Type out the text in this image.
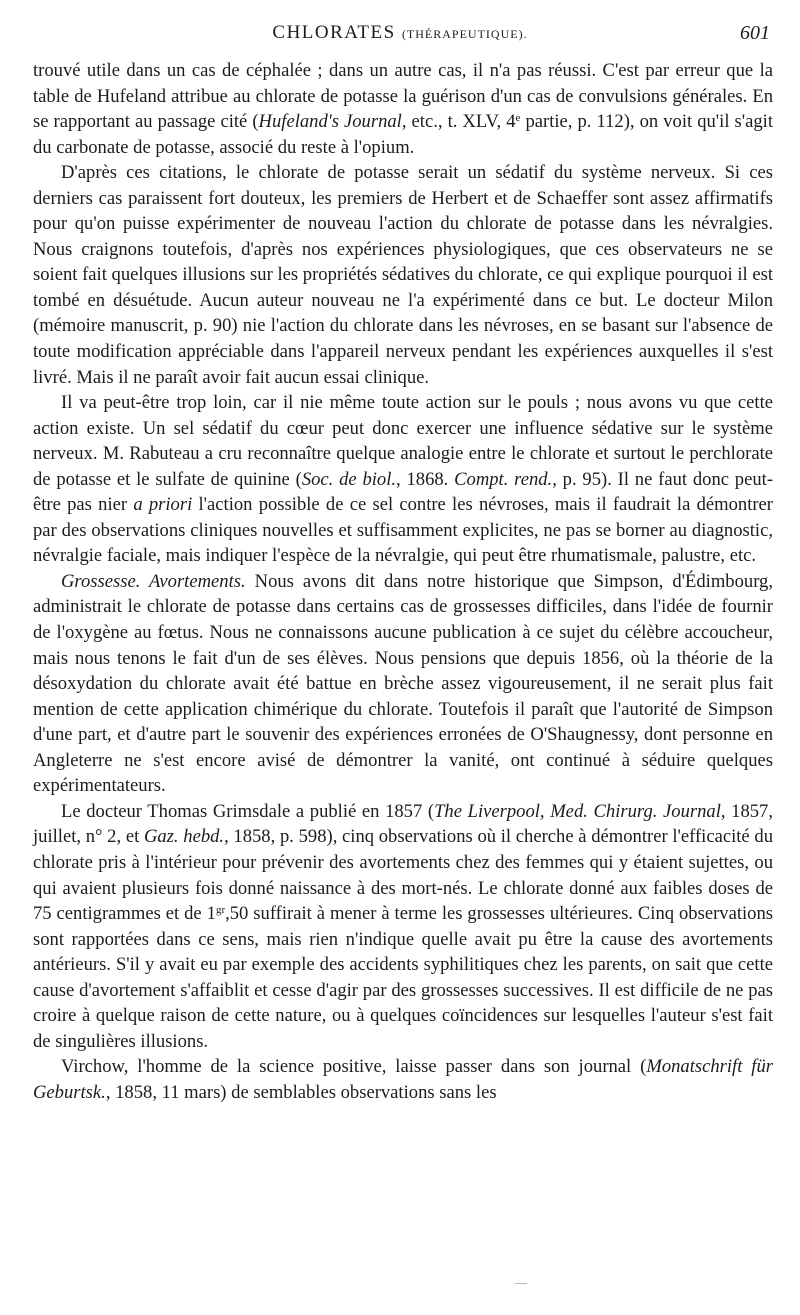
CHLORATES (THÉRAPEUTIQUE).	601

trouvé utile dans un cas de céphalée ; dans un autre cas, il n'a pas réussi. C'est par erreur que la table de Hufeland attribue au chlorate de potasse la guérison d'un cas de convulsions générales. En se rapportant au passage cité (Hufeland's Journal, etc., t. XLV, 4e partie, p. 112), on voit qu'il s'agit du carbonate de potasse, associé du reste à l'opium.

D'après ces citations, le chlorate de potasse serait un sédatif du système nerveux. Si ces derniers cas paraissent fort douteux, les premiers de Herbert et de Schaeffer sont assez affirmatifs pour qu'on puisse expérimenter de nouveau l'action du chlorate de potasse dans les névralgies. Nous craignons toutefois, d'après nos expériences physiologiques, que ces observateurs ne se soient fait quelques illusions sur les propriétés sédatives du chlorate, ce qui explique pourquoi il est tombé en désuétude. Aucun auteur nouveau ne l'a expérimenté dans ce but. Le docteur Milon (mémoire manuscrit, p. 90) nie l'action du chlorate dans les névroses, en se basant sur l'absence de toute modification appréciable dans l'appareil nerveux pendant les expériences auxquelles il s'est livré. Mais il ne paraît avoir fait aucun essai clinique.

Il va peut-être trop loin, car il nie même toute action sur le pouls ; nous avons vu que cette action existe. Un sel sédatif du cœur peut donc exercer une influence sédative sur le système nerveux. M. Rabuteau a cru reconnaître quelque analogie entre le chlorate et surtout le perchlorate de potasse et le sulfate de quinine (Soc. de biol., 1868. Compt. rend., p. 95). Il ne faut donc peut-être pas nier a priori l'action possible de ce sel contre les névroses, mais il faudrait la démontrer par des observations cliniques nouvelles et suffisamment explicites, ne pas se borner au diagnostic, névralgie faciale, mais indiquer l'espèce de la névralgie, qui peut être rhumatismale, palustre, etc.

Grossesse. Avortements. Nous avons dit dans notre historique que Simpson, d'Édimbourg, administrait le chlorate de potasse dans certains cas de grossesses difficiles, dans l'idée de fournir de l'oxygène au fœtus. Nous ne connaissons aucune publication à ce sujet du célèbre accoucheur, mais nous tenons le fait d'un de ses élèves. Nous pensions que depuis 1856, où la théorie de la désoxydation du chlorate avait été battue en brèche assez vigoureusement, il ne serait plus fait mention de cette application chimérique du chlorate. Toutefois il paraît que l'autorité de Simpson d'une part, et d'autre part le souvenir des expériences erronées de O'Shaugnessy, dont personne en Angleterre ne s'est encore avisé de démontrer la vanité, ont continué à séduire quelques expérimentateurs.

Le docteur Thomas Grimsdale a publié en 1857 (The Liverpool, Med. Chirurg. Journal, 1857, juillet, n° 2, et Gaz. hebd., 1858, p. 598), cinq observations où il cherche à démontrer l'efficacité du chlorate pris à l'intérieur pour prévenir des avortements chez des femmes qui y étaient sujettes, ou qui avaient plusieurs fois donné naissance à des mort-nés. Le chlorate donné aux faibles doses de 75 centigrammes et de $1^{gr},50$ suffirait à mener à terme les grossesses ultérieures. Cinq observations sont rapportées dans ce sens, mais rien n'indique quelle avait pu être la cause des avortements antérieurs. S'il y avait eu par exemple des accidents syphilitiques chez les parents, on sait que cette cause d'avortement s'affaiblit et cesse d'agir par des grossesses successives. Il est difficile de ne pas croire à quelque raison de cette nature, ou à quelques coïncidences sur lesquelles l'auteur s'est fait de singulières illusions.

Virchow, l'homme de la science positive, laisse passer dans son journal (Monatschrift für Geburtsk., 1858, 11 mars) de semblables observations sans les
